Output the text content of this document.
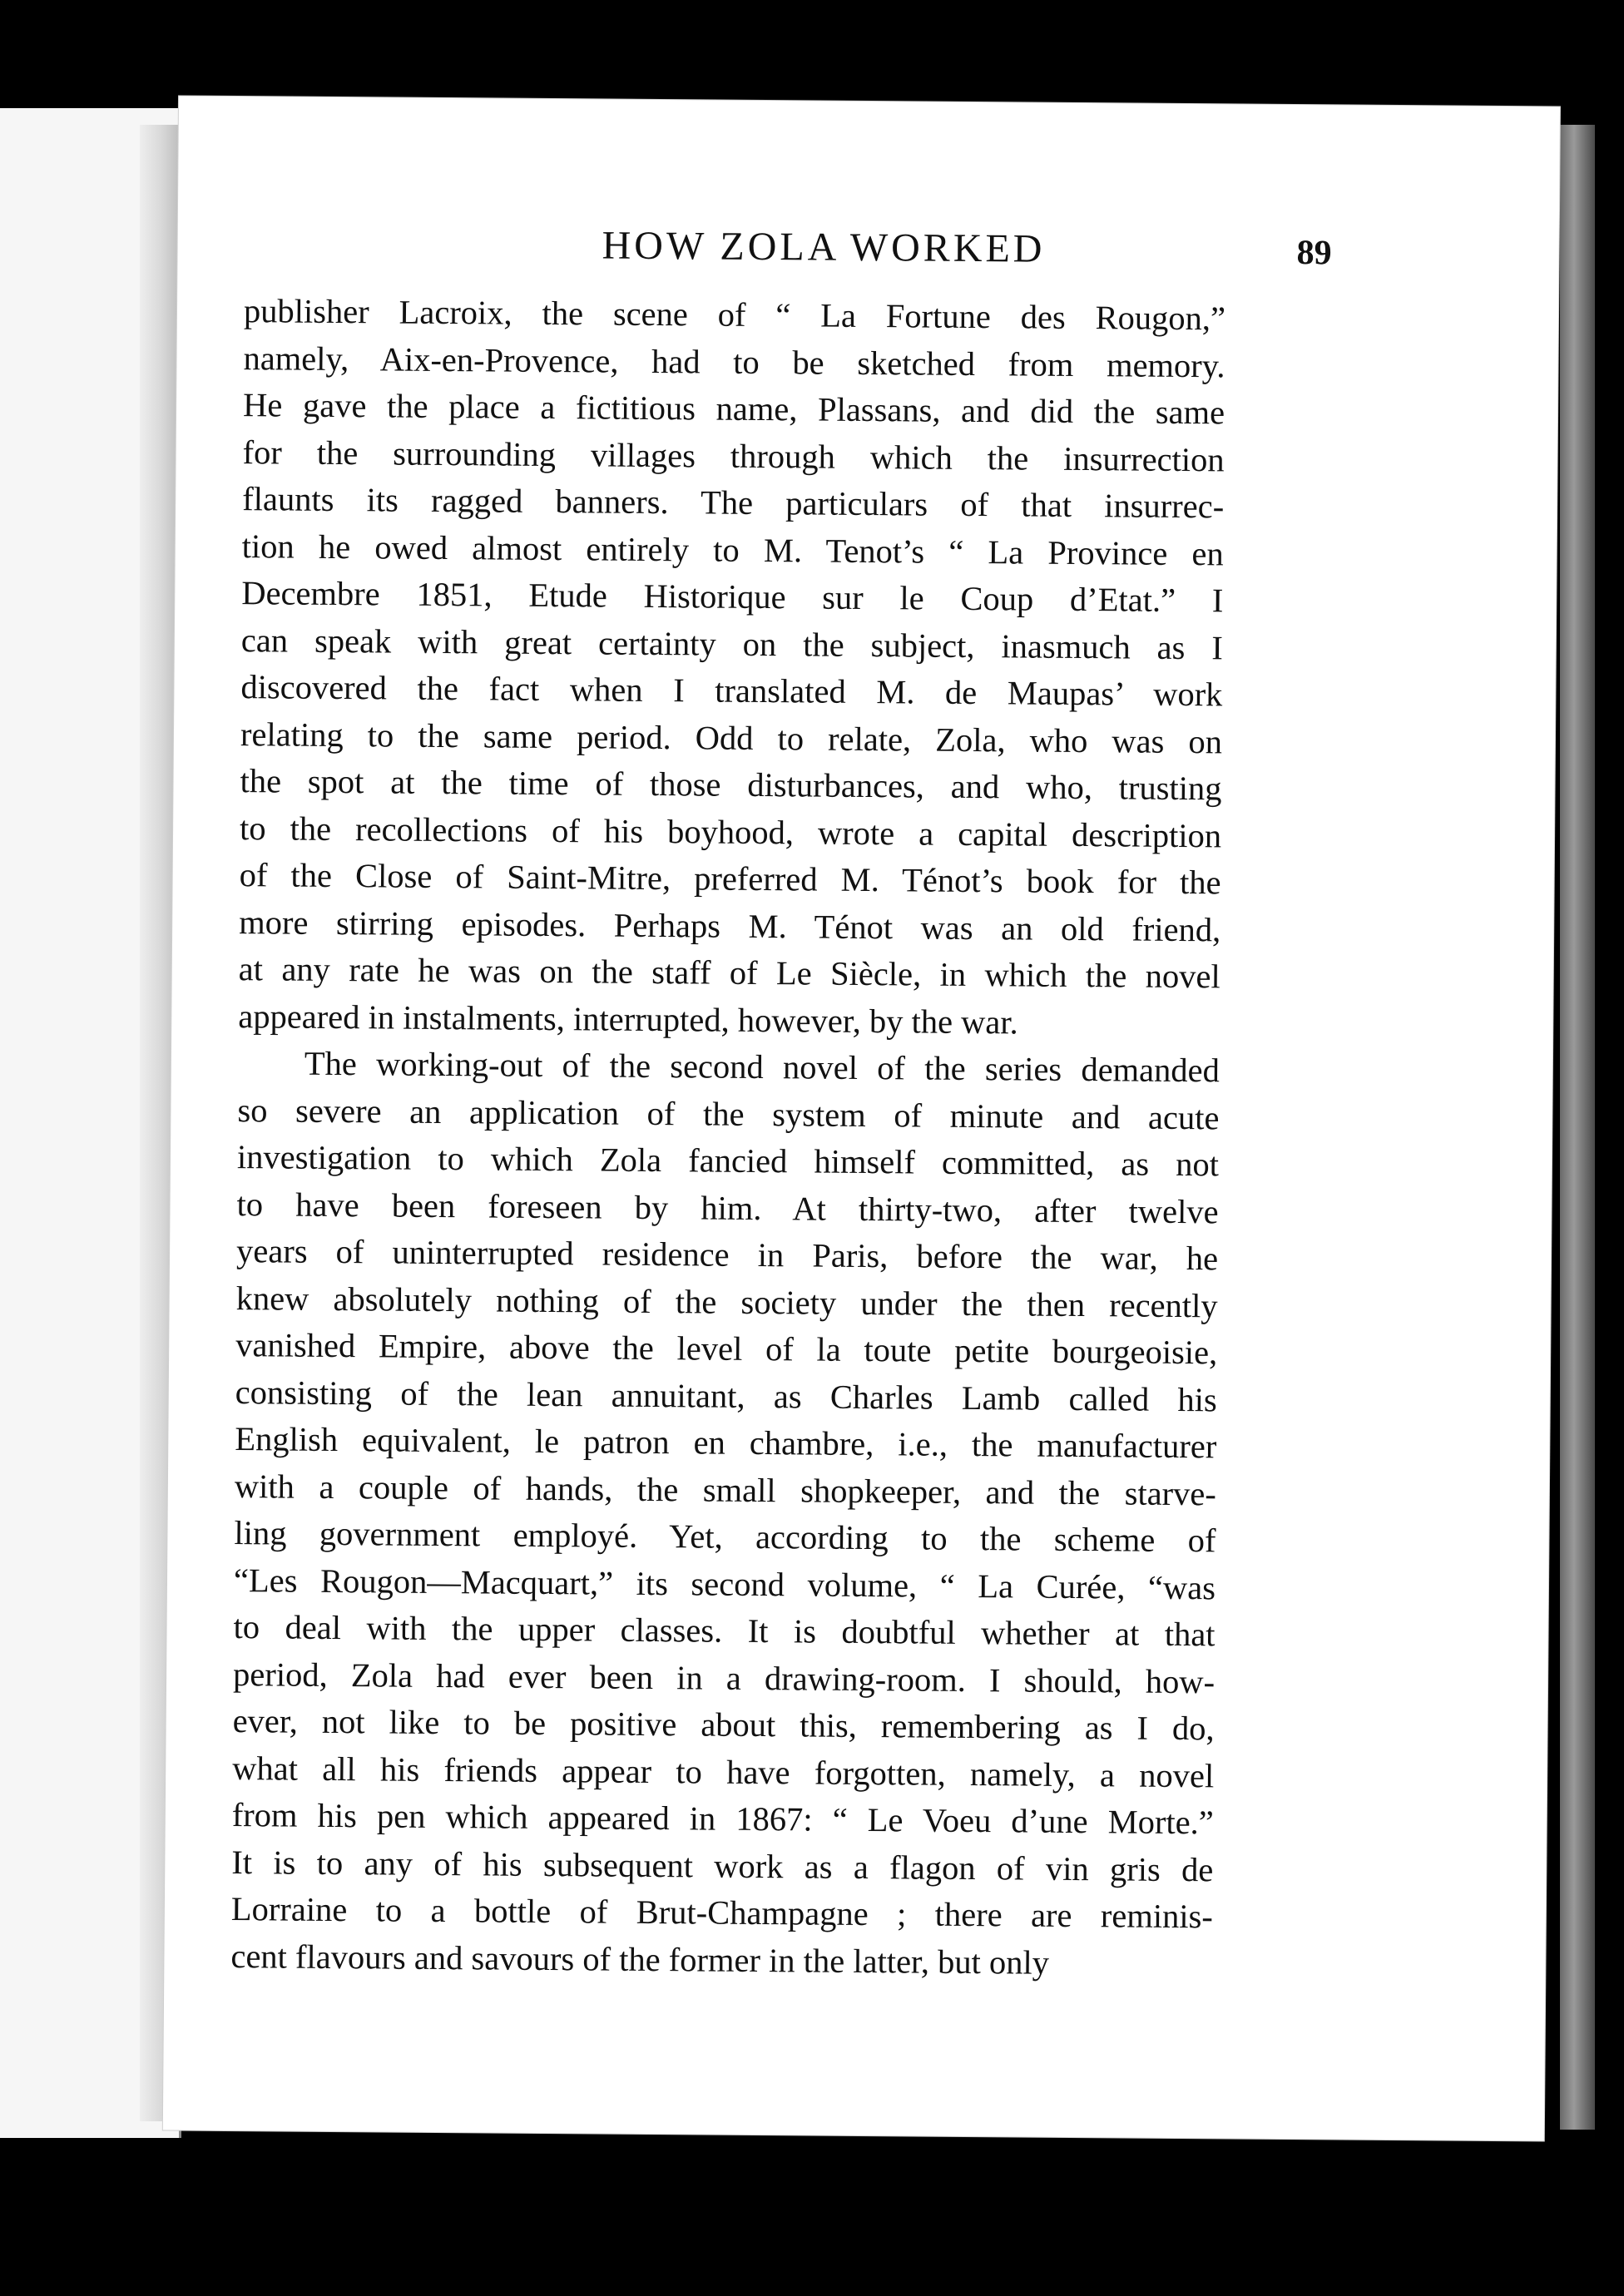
HOW ZOLA WORKED	89
publisher Lacroix, the scene of “ La Fortune des Rougon,”
namely, Aix-en-Provence, had to be sketched from memory.
He gave the place a fictitious name, Plassans, and did the same
for the surrounding villages through which the insurrection
flaunts its ragged banners. The particulars of that insurrec-
tion he owed almost entirely to M. Tenot’s “ La Province en
Decembre 1851, Etude Historique sur le Coup d’Etat.” I
can speak with great certainty on the subject, inasmuch as I
discovered the fact when I translated M. de Maupas’ work
relating to the same period. Odd to relate, Zola, who was on
the spot at the time of those disturbances, and who, trusting
to the recollections of his boyhood, wrote a capital description
of the Close of Saint-Mitre, preferred M. Ténot’s book for the
more stirring episodes. Perhaps M. Ténot was an old friend,
at any rate he was on the staff of Le Siècle, in which the novel
appeared in instalments, interrupted, however, by the war.
The working-out of the second novel of the series demanded
so severe an application of the system of minute and acute
investigation to which Zola fancied himself committed, as not
to have been foreseen by him. At thirty-two, after twelve
years of uninterrupted residence in Paris, before the war, he
knew absolutely nothing of the society under the then recently
vanished Empire, above the level of la toute petite bourgeoisie,
consisting of the lean annuitant, as Charles Lamb called his
English equivalent, le patron en chambre, i.e., the manufacturer
with a couple of hands, the small shopkeeper, and the starve-
ling government employé. Yet, according to the scheme of
“Les Rougon—Macquart,” its second volume, “ La Curée, “was
to deal with the upper classes. It is doubtful whether at that
period, Zola had ever been in a drawing-room. I should, how-
ever, not like to be positive about this, remembering as I do,
what all his friends appear to have forgotten, namely, a novel
from his pen which appeared in 1867: “ Le Voeu d’une Morte.”
It is to any of his subsequent work as a flagon of vin gris de
Lorraine to a bottle of Brut-Champagne ; there are reminis-
cent flavours and savours of the former in the latter, but only
